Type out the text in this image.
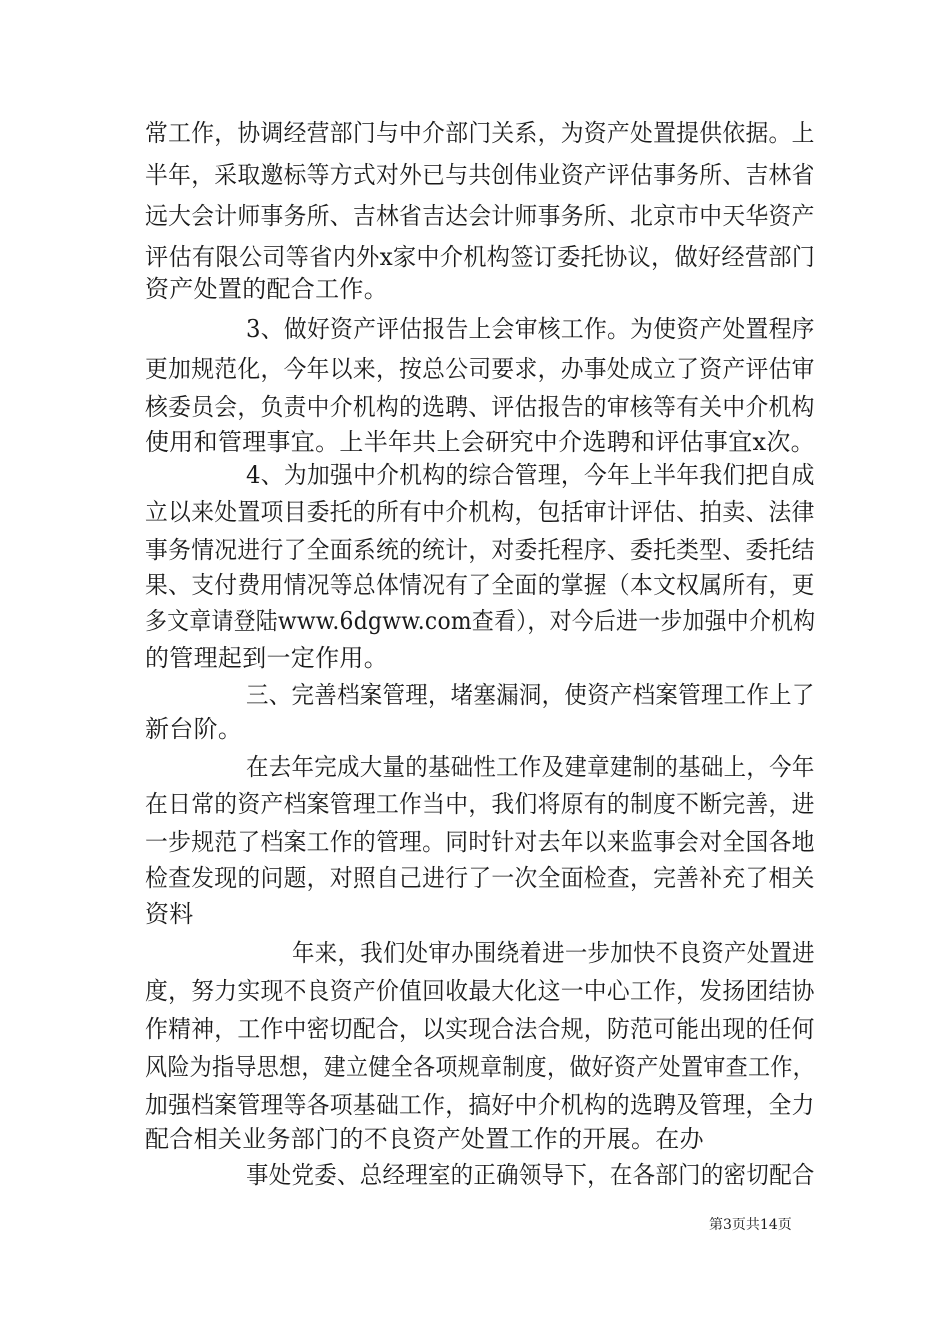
常工作，协调经营部门与中介部门关系，为资产处置提供依据。上
半年，采取邀标等方式对外已与共创伟业资产评估事务所、吉林省
远大会计师事务所、吉林省吉达会计师事务所、北京市中天华资产
评估有限公司等省内外x家中介机构签订委托协议，做好经营部门
资产处置的配合工作。
3、做好资产评估报告上会审核工作。为使资产处置程序
更加规范化，今年以来，按总公司要求，办事处成立了资产评估审
核委员会，负责中介机构的选聘、评估报告的审核等有关中介机构
使用和管理事宜。上半年共上会研究中介选聘和评估事宜x次。
4、为加强中介机构的综合管理，今年上半年我们把自成
立以来处置项目委托的所有中介机构，包括审计评估、拍卖、法律
事务情况进行了全面系统的统计，对委托程序、委托类型、委托结
果、支付费用情况等总体情况有了全面的掌握（本文权属所有，更
多文章请登陆www.6dgww.com查看），对今后进一步加强中介机构
的管理起到一定作用。
三、完善档案管理，堵塞漏洞，使资产档案管理工作上了
新台阶。
在去年完成大量的基础性工作及建章建制的基础上，今年
在日常的资产档案管理工作当中，我们将原有的制度不断完善，进
一步规范了档案工作的管理。同时针对去年以来监事会对全国各地
检查发现的问题，对照自己进行了一次全面检查，完善补充了相关
资料
年来，我们处审办围绕着进一步加快不良资产处置进
度，努力实现不良资产价值回收最大化这一中心工作，发扬团结协
作精神，工作中密切配合，以实现合法合规，防范可能出现的任何
风险为指导思想，建立健全各项规章制度，做好资产处置审查工作，
加强档案管理等各项基础工作，搞好中介机构的选聘及管理，全力
配合相关业务部门的不良资产处置工作的开展。在办
事处党委、总经理室的正确领导下，在各部门的密切配合
第3页共14页
